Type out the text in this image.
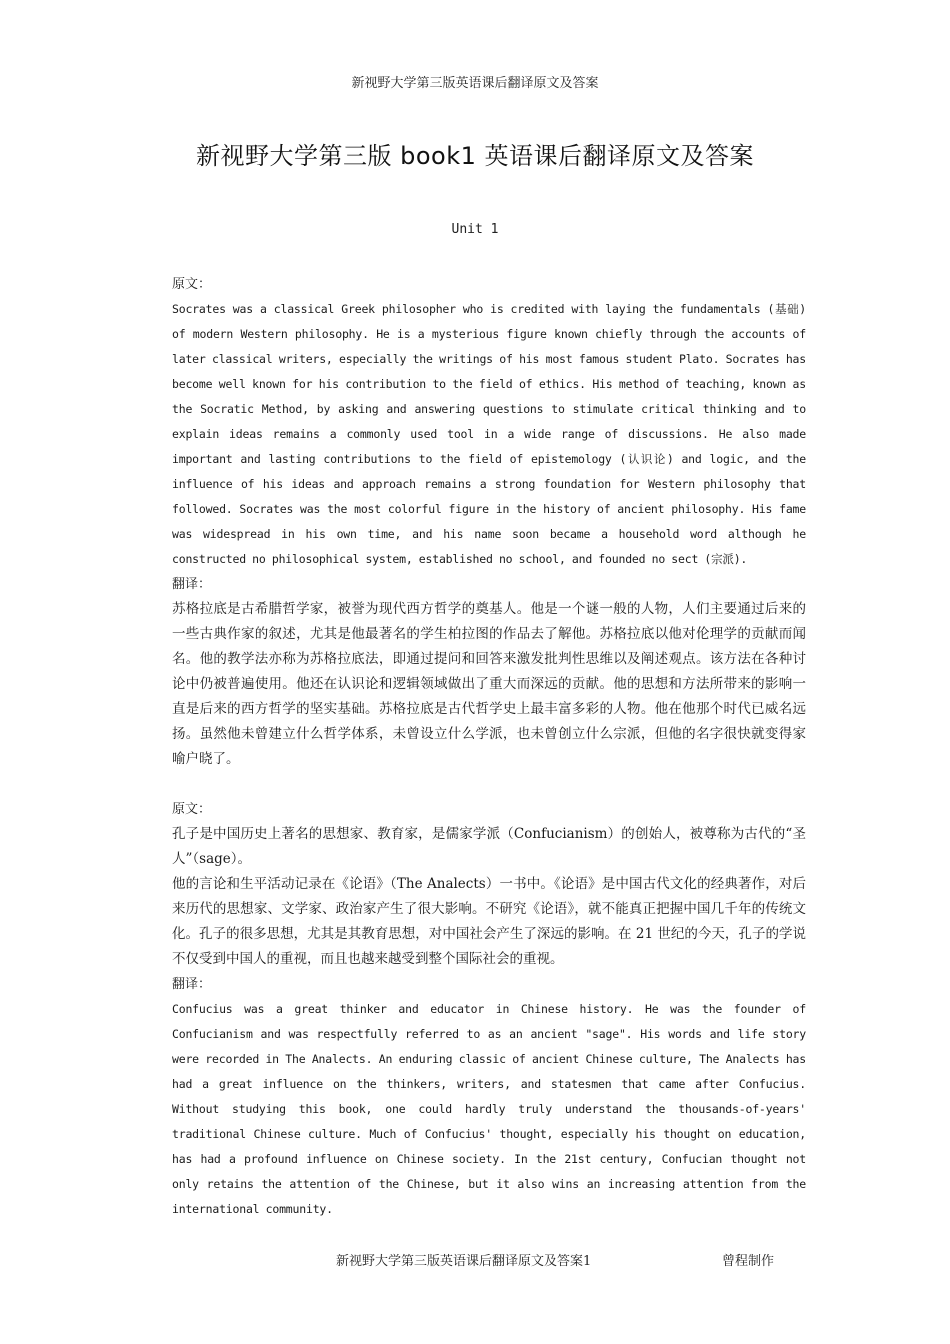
新视野大学第三版英语课后翻译原文及答案
新视野大学第三版 book1 英语课后翻译原文及答案
Unit 1
原文：
Socrates was a classical Greek philosopher who is credited with laying the fundamentals (基础) of modern Western philosophy. He is a mysterious figure known chiefly through the accounts of later classical writers, especially the writings of his most famous student Plato. Socrates has become well known for his contribution to the field of ethics. His method of teaching, known as the Socratic Method, by asking and answering questions to stimulate critical thinking and to explain ideas remains a commonly used tool in a wide range of discussions. He also made important and lasting contributions to the field of epistemology (认识论) and logic, and the influence of his ideas and approach remains a strong foundation for Western philosophy that followed. Socrates was the most colorful figure in the history of ancient philosophy. His fame was widespread in his own time, and his name soon became a household word although he constructed no philosophical system, established no school, and founded no sect (宗派).
翻译：
苏格拉底是古希腊哲学家，被誉为现代西方哲学的奠基人。他是一个谜一般的人物，人们主要通过后来的一些古典作家的叙述，尤其是他最著名的学生柏拉图的作品去了解他。苏格拉底以他对伦理学的贡献而闻名。他的教学法亦称为苏格拉底法，即通过提问和回答来激发批判性思维以及阐述观点。该方法在各种讨论中仍被普遍使用。他还在认识论和逻辑领域做出了重大而深远的贡献。他的思想和方法所带来的影响一直是后来的西方哲学的坚实基础。苏格拉底是古代哲学史上最丰富多彩的人物。他在他那个时代已威名远扬。虽然他未曾建立什么哲学体系，未曾设立什么学派，也未曾创立什么宗派，但他的名字很快就变得家喻户晓了。
原文：
孔子是中国历史上著名的思想家、教育家，是儒家学派（Confucianism）的创始人，被尊称为古代的“圣人”（sage）。
他的言论和生平活动记录在《论语》（The Analects）一书中。《论语》是中国古代文化的经典著作，对后来历代的思想家、文学家、政治家产生了很大影响。不研究《论语》，就不能真正把握中国几千年的传统文化。孔子的很多思想，尤其是其教育思想，对中国社会产生了深远的影响。在 21 世纪的今天，孔子的学说不仅受到中国人的重视，而且也越来越受到整个国际社会的重视。
翻译：
Confucius was a great thinker and educator in Chinese history. He was the founder of Confucianism and was respectfully referred to as an ancient "sage". His words and life story were recorded in The Analects. An enduring classic of ancient Chinese culture, The Analects has had a great influence on the thinkers, writers, and statesmen that came after Confucius. Without studying this book, one could hardly truly understand the thousands-of-years' traditional Chinese culture. Much of Confucius' thought, especially his thought on education, has had a profound influence on Chinese society. In the 21st century, Confucian thought not only retains the attention of the Chinese, but it also wins an increasing attention from the international community.
新视野大学第三版英语课后翻译原文及答案1	曾程制作
